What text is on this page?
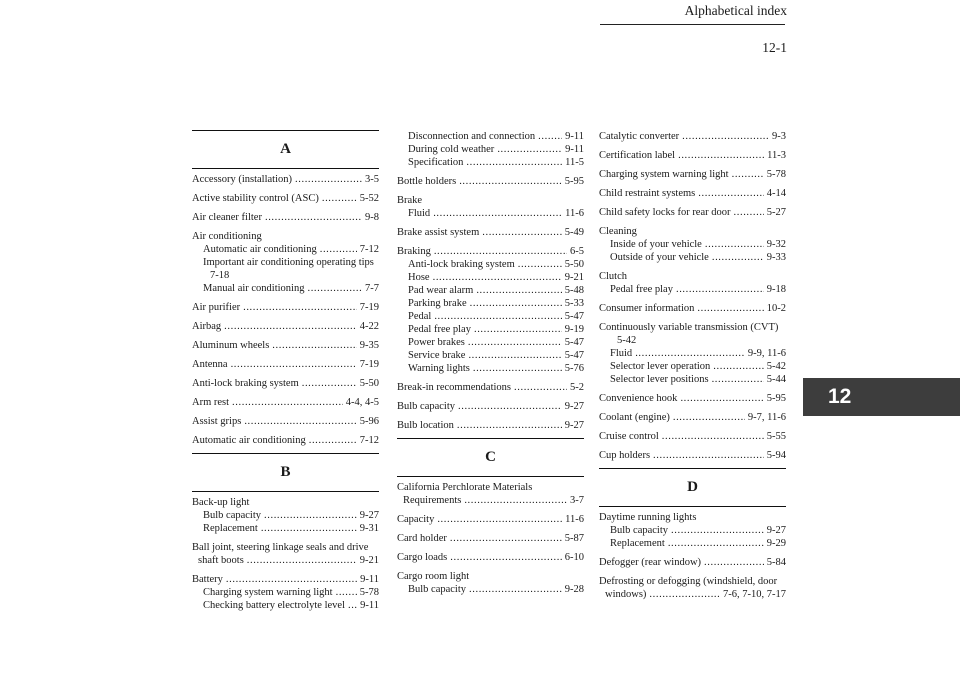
Alphabetical index
12-1
12
A
Accessory (installation) .....	3-5
Active stability control (ASC) .....	5-52
Air cleaner filter .....	9-8
Air conditioning
Automatic air conditioning .....	7-12
Important air conditioning operating tips
7-18
Manual air conditioning .....	7-7
Air purifier .....	7-19
Airbag .....	4-22
Aluminum wheels .....	9-35
Antenna .....	7-19
Anti-lock braking system .....	5-50
Arm rest .....	4-4, 4-5
Assist grips .....	5-96
Automatic air conditioning .....	7-12
B
Back-up light
Bulb capacity .....	9-27
Replacement .....	9-31
Ball joint, steering linkage seals and drive
shaft boots .....	9-21
Battery .....	9-11
Charging system warning light .....	5-78
Checking battery electrolyte level ..... 9-11
Disconnection and connection .....	9-11
During cold weather .....	9-11
Specification .....	11-5
Bottle holders .....	5-95
Brake
Fluid .....	11-6
Brake assist system .....	5-49
Braking .....	6-5
Anti-lock braking system .....	5-50
Hose .....	9-21
Pad wear alarm .....	5-48
Parking brake .....	5-33
Pedal .....	5-47
Pedal free play .....	9-19
Power brakes .....	5-47
Service brake .....	5-47
Warning lights .....	5-76
Break-in recommendations .....	5-2
Bulb capacity .....	9-27
Bulb location .....	9-27
C
California Perchlorate Materials
Requirements .....	3-7
Capacity .....	11-6
Card holder .....	5-87
Cargo loads .....	6-10
Cargo room light
Bulb capacity .....	9-28
Catalytic converter .....	9-3
Certification label .....	11-3
Charging system warning light .....	5-78
Child restraint systems .....	4-14
Child safety locks for rear door .....	5-27
Cleaning
Inside of your vehicle .....	9-32
Outside of your vehicle .....	9-33
Clutch
Pedal free play .....	9-18
Consumer information .....	10-2
Continuously variable transmission (CVT)
5-42
Fluid .....	9-9, 11-6
Selector lever operation .....	5-42
Selector lever positions .....	5-44
Convenience hook .....	5-95
Coolant (engine) .....	9-7, 11-6
Cruise control .....	5-55
Cup holders .....	5-94
D
Daytime running lights
Bulb capacity .....	9-27
Replacement .....	9-29
Defogger (rear window) .....	5-84
Defrosting or defogging (windshield, door
windows) .....	7-6, 7-10, 7-17
